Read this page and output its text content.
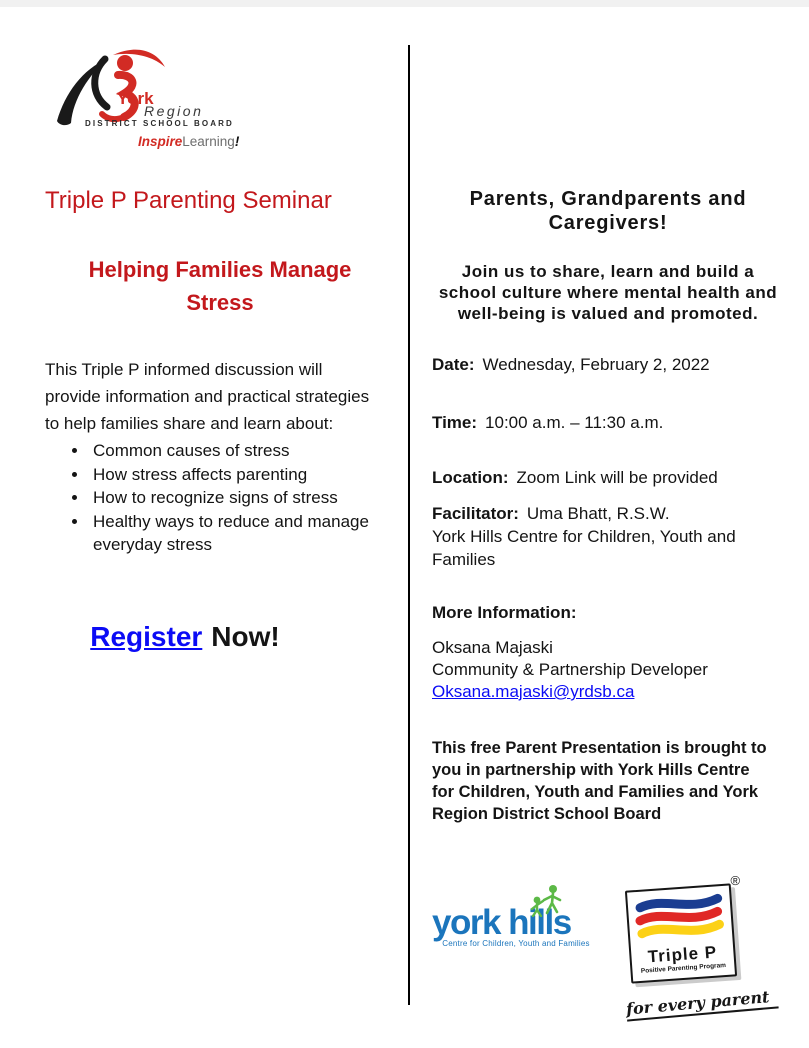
York
Region
DISTRICT SCHOOL BOARD
InspireLearning!
Triple P Parenting Seminar
Helping Families Manage Stress
This Triple P informed discussion will provide information and practical strategies to help families share and learn about:
• Common causes of stress
• How stress affects parenting
• How to recognize signs of stress
• Healthy ways to reduce and manage everyday stress
Register Now!
Parents, Grandparents and Caregivers!
Join us to share, learn and build a school culture where mental health and well-being is valued and promoted.
Date: Wednesday, February 2, 2022
Time: 10:00 a.m. – 11:30 a.m.
Location: Zoom Link will be provided
Facilitator: Uma Bhatt, R.S.W.
York Hills Centre for Children, Youth and Families
More Information:
Oksana Majaski
Community & Partnership Developer
Oksana.majaski@yrdsb.ca
This free Parent Presentation is brought to you in partnership with York Hills Centre for Children, Youth and Families and York Region District School Board
york hills
Centre for Children, Youth and Families
®
Triple P
Positive Parenting Program
for every parent
